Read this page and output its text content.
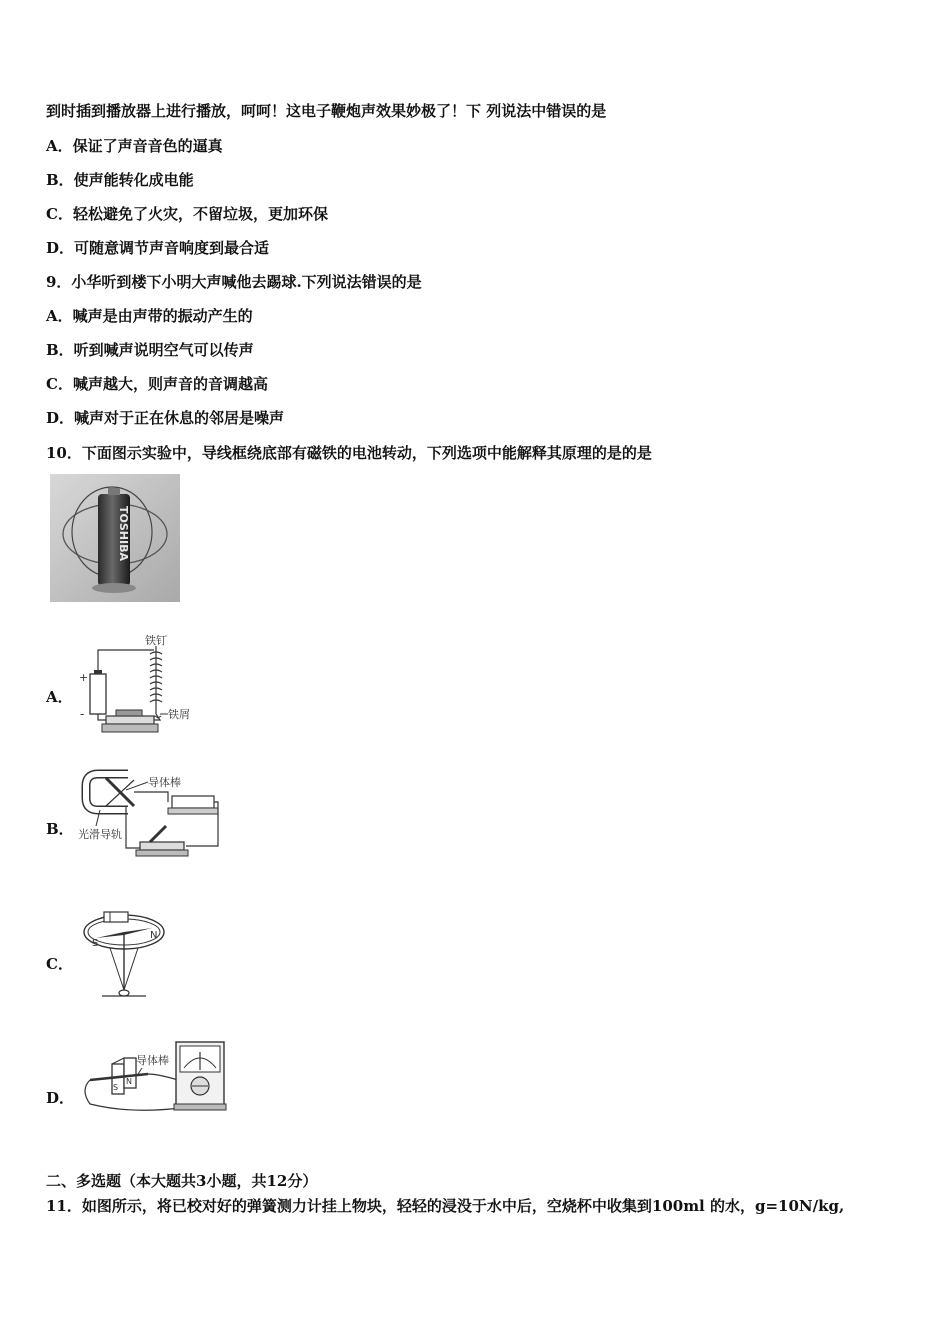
到时插到播放器上进行播放，呵呵！这电子鞭炮声效果妙极了！下 列说法中错误的是
A．保证了声音音色的逼真
B．使声能转化成电能
C．轻松避免了火灾，不留垃圾，更加环保
D．可随意调节声音响度到最合适
9．小华听到楼下小明大声喊他去踢球.下列说法错误的是
A．喊声是由声带的振动产生的
B．听到喊声说明空气可以传声
C．喊声越大，则声音的音调越高
D．喊声对于正在休息的邻居是噪声
10．下面图示实验中，导线框绕底部有磁铁的电池转动，下列选项中能解释其原理的是的是
TOSHIBA
A．
+
-
铁钉
铁屑
B．
导体棒
光滑导轨
C．
S
N
D．
S
N
导体棒
二、多选题（本大题共3小题，共12分）
11．如图所示，将已校对好的弹簧测力计挂上物块，轻轻的浸没于水中后，空烧杯中收集到100ml 的水，g=10N/kg,
